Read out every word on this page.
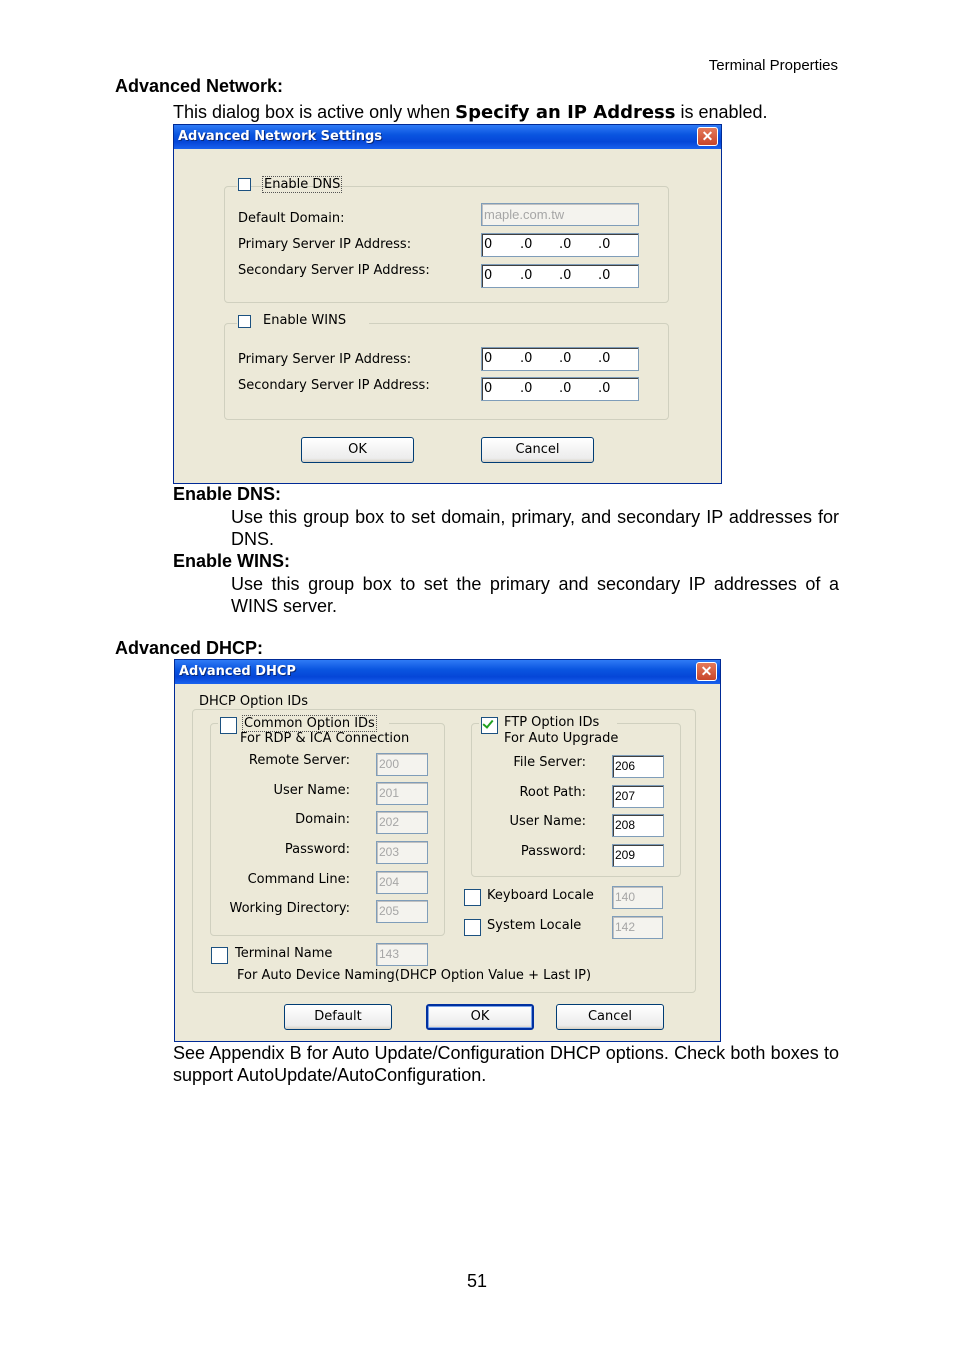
Terminal Properties
Advanced Network:
This dialog box is active only when Specify an IP Address is enabled.
Advanced Network Settings	✕
Enable DNS
Default Domain:	maple.com.tw
Primary Server IP Address:	0 .0 .0 .0
Secondary Server IP Address:	0 .0 .0 .0
Enable WINS
Primary Server IP Address:	0 .0 .0 .0
Secondary Server IP Address:	0 .0 .0 .0
OK	Cancel
Enable DNS:
Use this group box to set domain, primary, and secondary IP addresses for DNS.
Enable WINS:
Use this group box to set the primary and secondary IP addresses of a WINS server.
Advanced DHCP:
Advanced DHCP	✕
DHCP Option IDs
Common Option IDs
For RDP & ICA Connection
Remote Server: 200
User Name: 201
Domain: 202
Password: 203
Command Line: 204
Working Directory: 205
FTP Option IDs
For Auto Upgrade
File Server: 206
Root Path: 207
User Name: 208
Password: 209
Keyboard Locale 140
System Locale	142
Terminal Name	143
For Auto Device Naming(DHCP Option Value + Last IP)
Default	OK	Cancel
See Appendix B for Auto Update/Configuration DHCP options. Check both boxes to support AutoUpdate/AutoConfiguration.
51
